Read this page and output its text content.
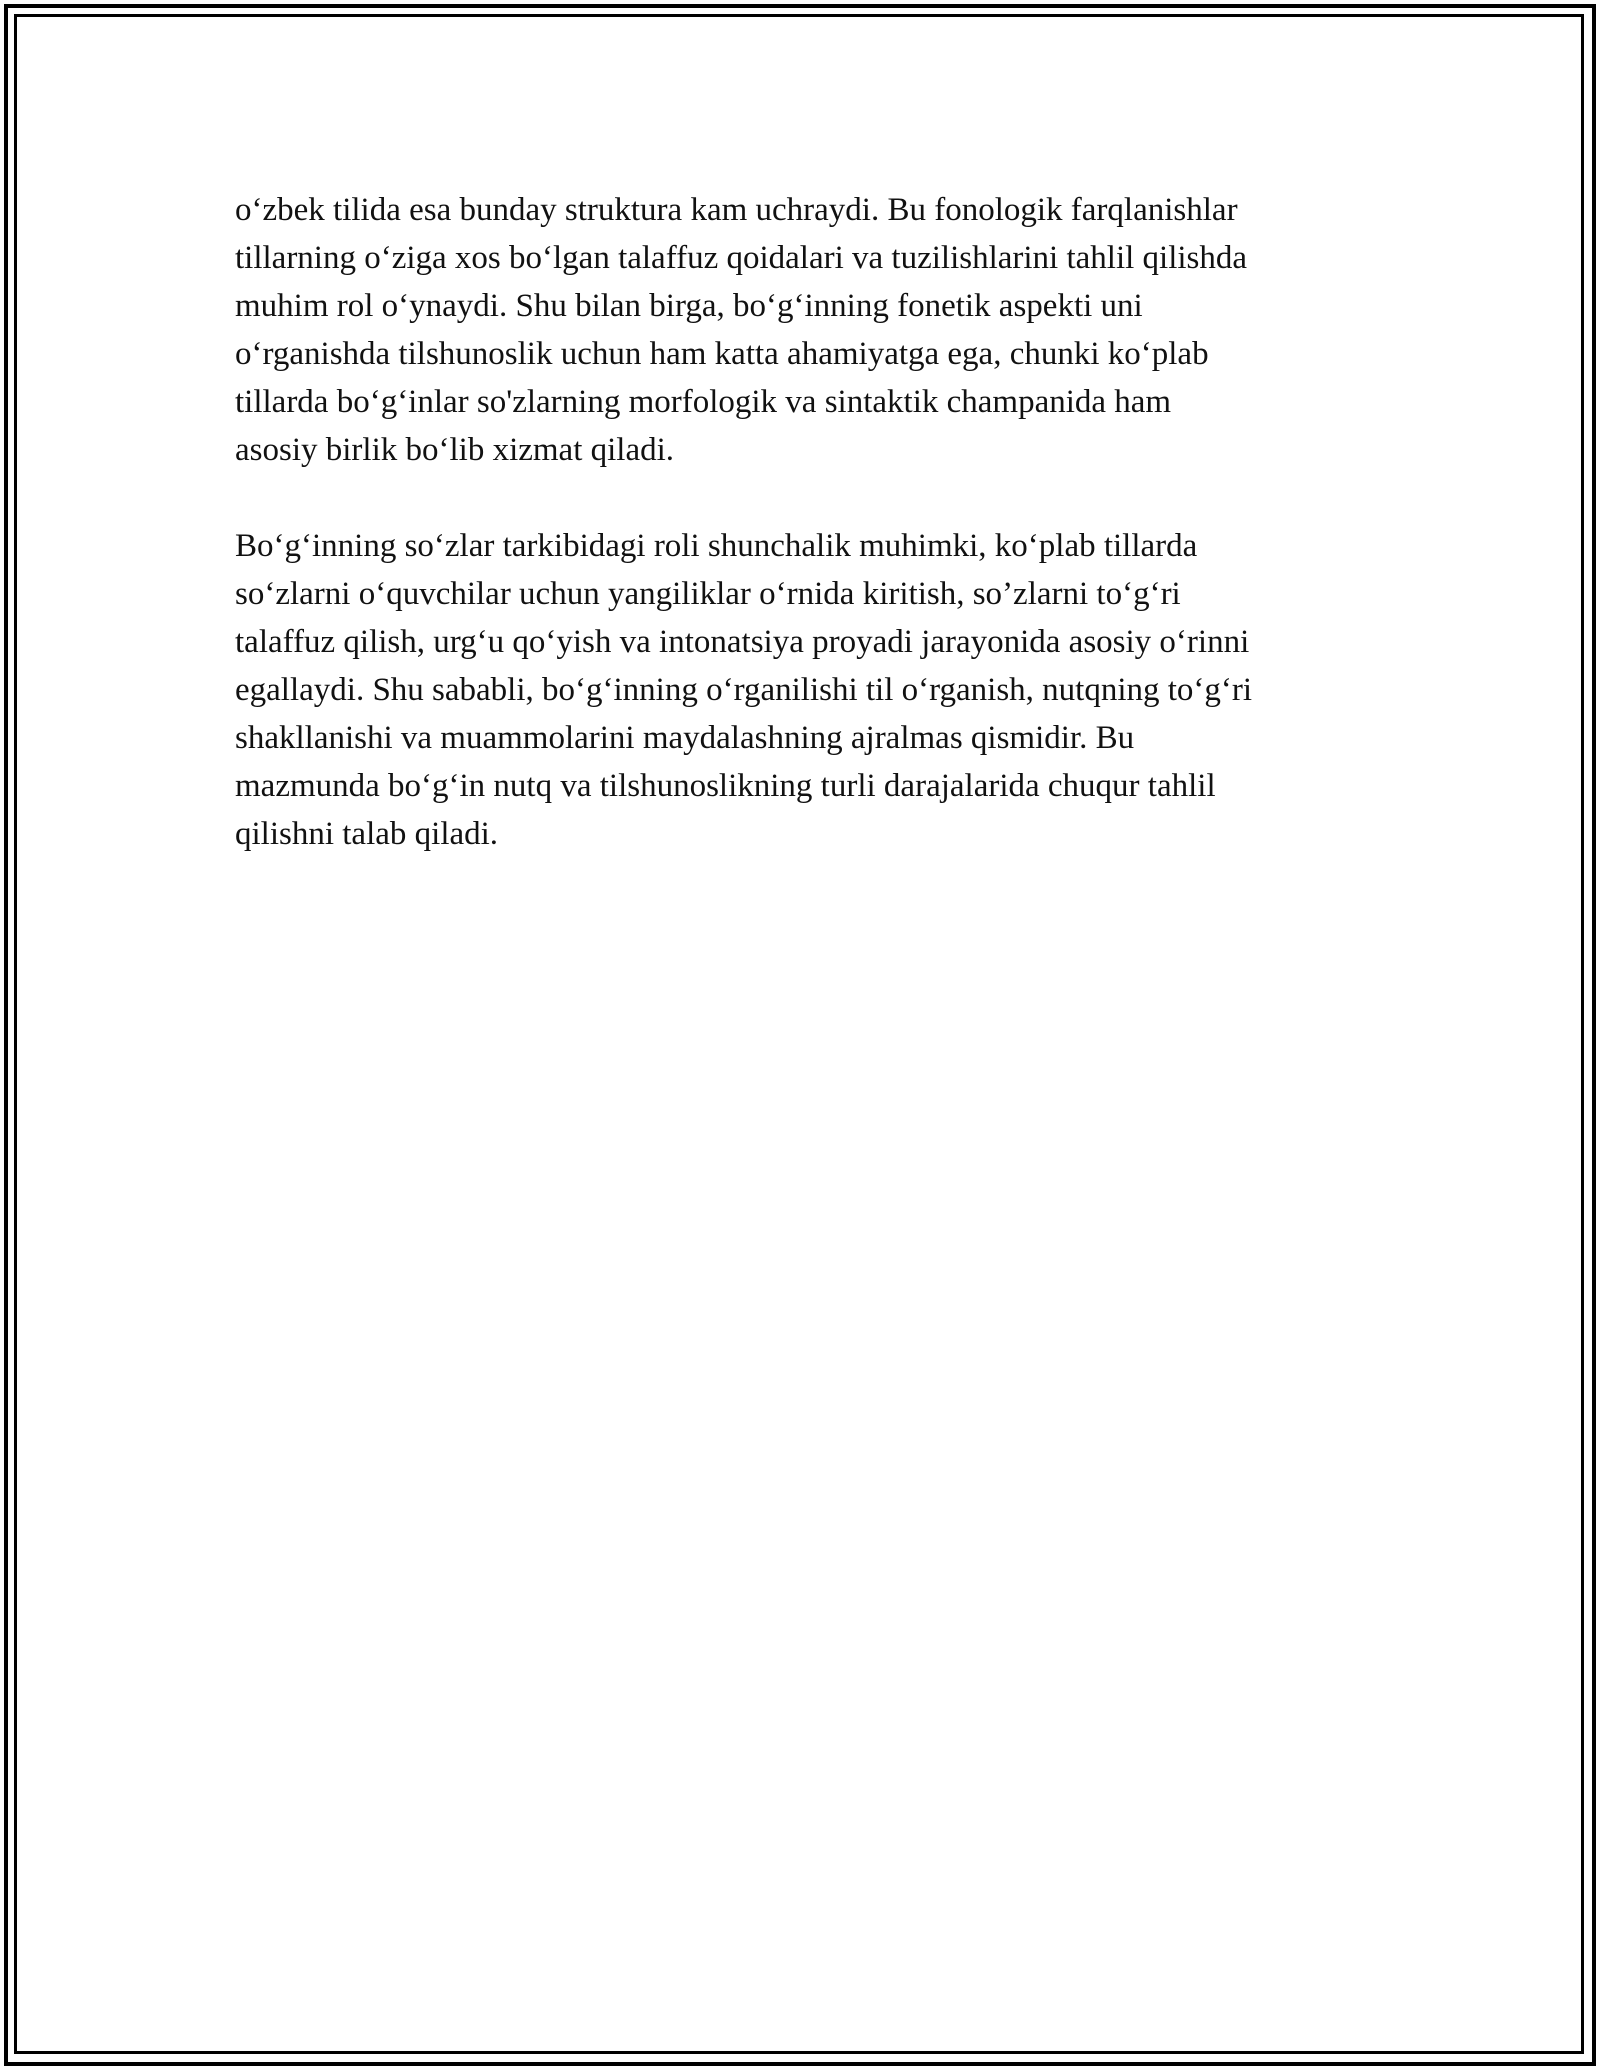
o‘zbek tilida esa bunday struktura kam uchraydi. Bu fonologik farqlanishlar
tillarning o‘ziga xos bo‘lgan talaffuz qoidalari va tuzilishlarini tahlil qilishda
muhim rol o‘ynaydi. Shu bilan birga, bo‘g‘inning fonetik aspekti uni
o‘rganishda tilshunoslik uchun ham katta ahamiyatga ega, chunki ko‘plab
tillarda bo‘g‘inlar so'zlarning morfologik va sintaktik champanida ham
asosiy birlik bo‘lib xizmat qiladi.

Bo‘g‘inning so‘zlar tarkibidagi roli shunchalik muhimki, ko‘plab tillarda
so‘zlarni o‘quvchilar uchun yangiliklar o‘rnida kiritish, so’zlarni to‘g‘ri
talaffuz qilish, urg‘u qo‘yish va intonatsiya proyadi jarayonida asosiy o‘rinni
egallaydi. Shu sababli, bo‘g‘inning o‘rganilishi til o‘rganish, nutqning to‘g‘ri
shakllanishi va muammolarini maydalashning ajralmas qismidir. Bu
mazmunda bo‘g‘in nutq va tilshunoslikning turli darajalarida chuqur tahlil
qilishni talab qiladi.
